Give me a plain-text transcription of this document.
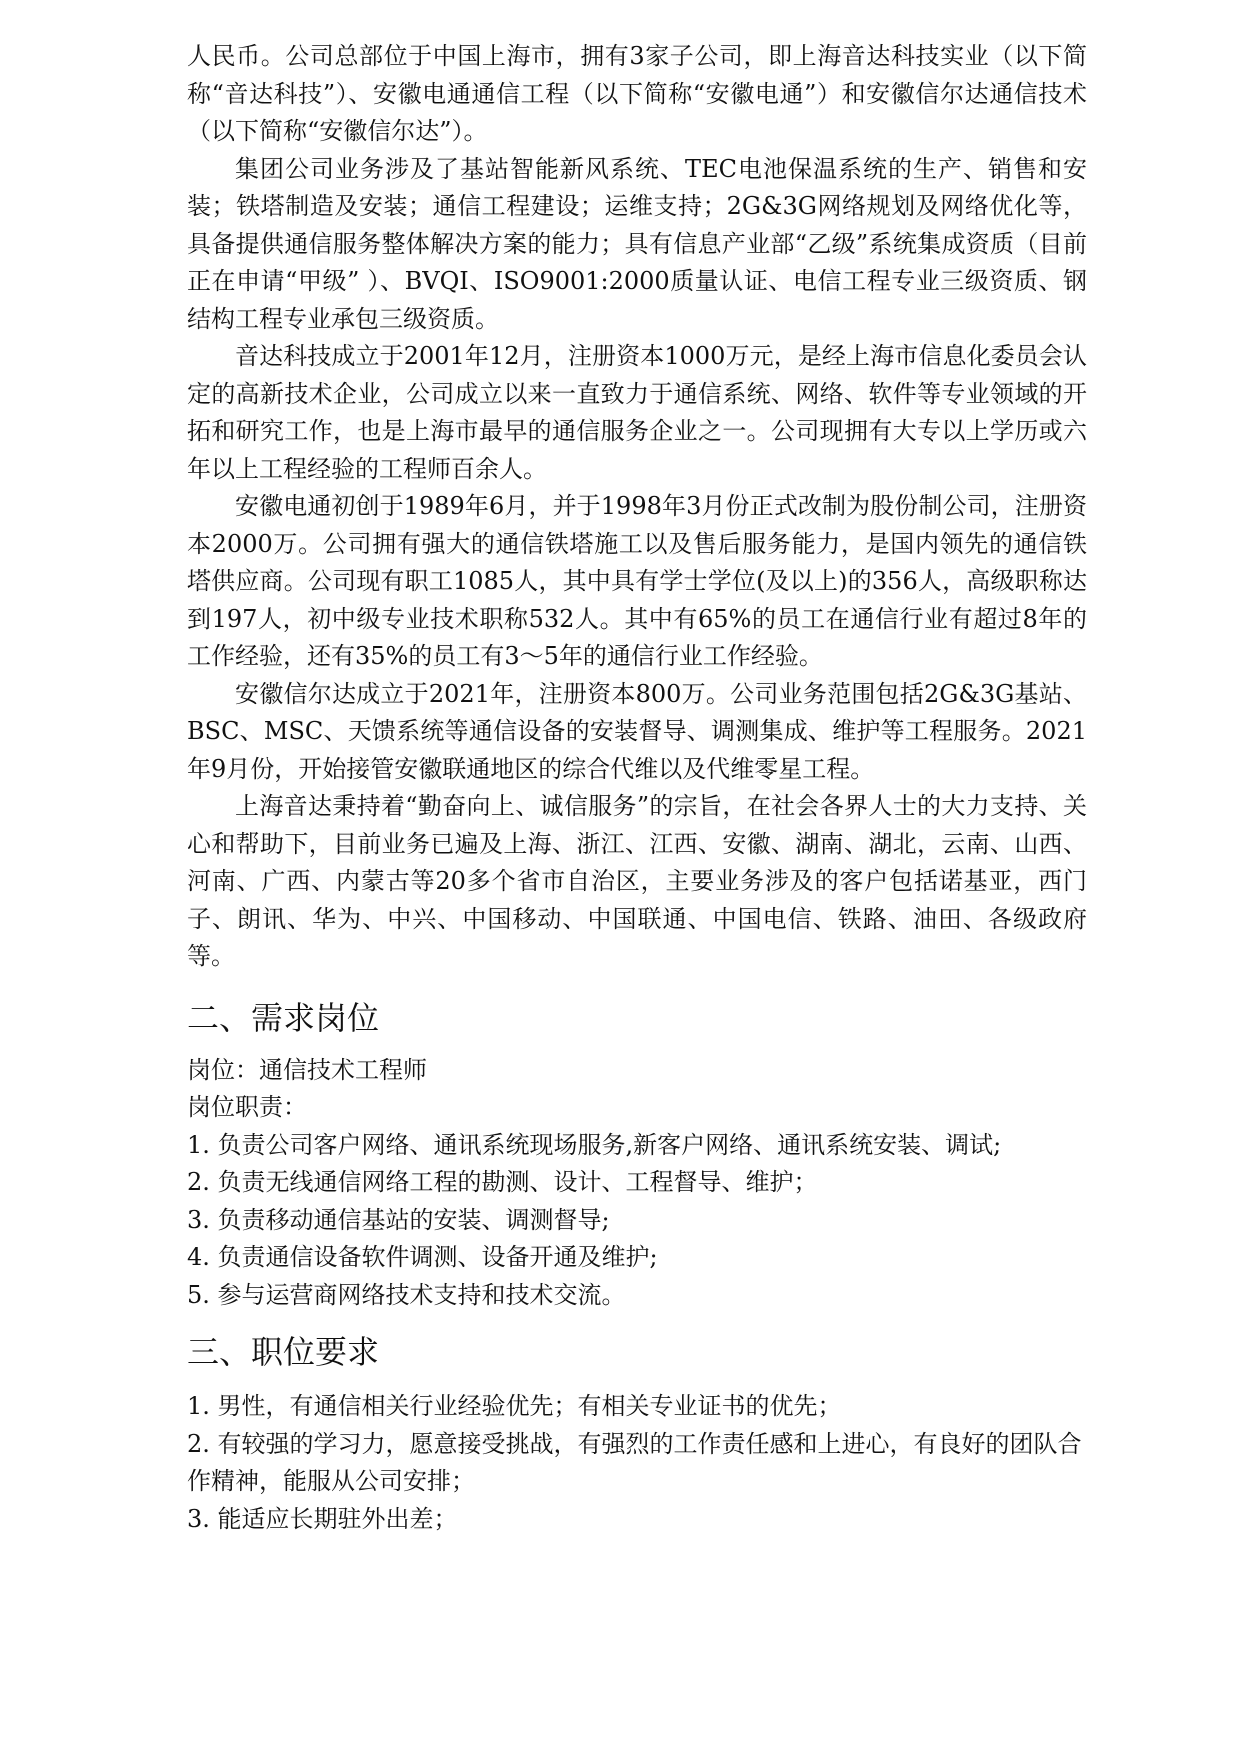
人民币。公司总部位于中国上海市，拥有3家子公司，即上海音达科技实业（以下简称“音达科技”）、安徽电通通信工程（以下简称“安徽电通”）和安徽信尔达通信技术（以下简称“安徽信尔达”）。

集团公司业务涉及了基站智能新风系统、TEC电池保温系统的生产、销售和安装；铁塔制造及安装；通信工程建设；运维支持；2G&3G网络规划及网络优化等，具备提供通信服务整体解决方案的能力；具有信息产业部“乙级”系统集成资质（目前正在申请“甲级” ）、BVQI、ISO9001:2000质量认证、电信工程专业三级资质、钢结构工程专业承包三级资质。

音达科技成立于2001年12月，注册资本1000万元，是经上海市信息化委员会认定的高新技术企业，公司成立以来一直致力于通信系统、网络、软件等专业领域的开拓和研究工作，也是上海市最早的通信服务企业之一。公司现拥有大专以上学历或六年以上工程经验的工程师百余人。

安徽电通初创于1989年6月，并于1998年3月份正式改制为股份制公司，注册资本2000万。公司拥有强大的通信铁塔施工以及售后服务能力，是国内领先的通信铁塔供应商。公司现有职工1085人，其中具有学士学位(及以上)的356人，高级职称达到197人，初中级专业技术职称532人。其中有65%的员工在通信行业有超过8年的工作经验，还有35%的员工有3～5年的通信行业工作经验。

安徽信尔达成立于2021年，注册资本800万。公司业务范围包括2G&3G基站、BSC、MSC、天馈系统等通信设备的安装督导、调测集成、维护等工程服务。2021年9月份，开始接管安徽联通地区的综合代维以及代维零星工程。

上海音达秉持着“勤奋向上、诚信服务”的宗旨，在社会各界人士的大力支持、关心和帮助下，目前业务已遍及上海、浙江、江西、安徽、湖南、湖北，云南、山西、河南、广西、内蒙古等20多个省市自治区，主要业务涉及的客户包括诺基亚，西门子、朗讯、华为、中兴、中国移动、中国联通、中国电信、铁路、油田、各级政府等。

二、需求岗位

岗位：通信技术工程师

岗位职责：

1. 负责公司客户网络、通讯系统现场服务,新客户网络、通讯系统安装、调试;

2. 负责无线通信网络工程的勘测、设计、工程督导、维护；

3. 负责移动通信基站的安装、调测督导;

4. 负责通信设备软件调测、设备开通及维护;

5. 参与运营商网络技术支持和技术交流。

三、职位要求

1. 男性，有通信相关行业经验优先；有相关专业证书的优先；

2. 有较强的学习力，愿意接受挑战，有强烈的工作责任感和上进心，有良好的团队合作精神，能服从公司安排；

3. 能适应长期驻外出差；
